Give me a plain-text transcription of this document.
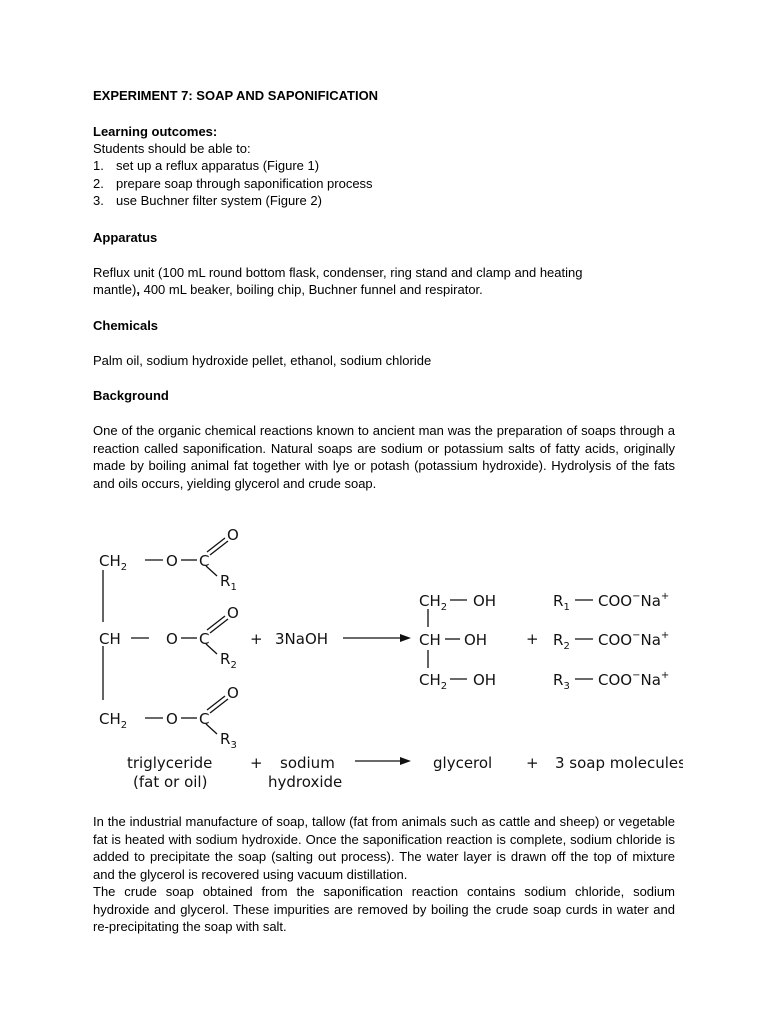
EXPERIMENT 7: SOAP AND SAPONIFICATION
Learning outcomes:
Students should be able to:
1. set up a reflux apparatus (Figure 1)
2. prepare soap through saponification process
3. use Buchner filter system (Figure 2)
Apparatus
Reflux unit (100 mL round bottom flask, condenser, ring stand and clamp and heating
mantle), 400 mL beaker, boiling chip, Buchner funnel and respirator.
Chemicals
Palm oil, sodium hydroxide pellet, ethanol, sodium chloride
Background
One of the organic chemical reactions known to ancient man was the preparation of soaps through a reaction called saponification. Natural soaps are sodium or potassium salts of fatty acids, originally made by boiling animal fat together with lye or potash (potassium hydroxide). Hydrolysis of the fats and oils occurs, yielding glycerol and crude soap.
In the industrial manufacture of soap, tallow (fat from animals such as cattle and sheep) or vegetable fat is heated with sodium hydroxide. Once the saponification reaction is complete, sodium chloride is added to precipitate the soap (salting out process). The water layer is drawn off the top of mixture and the glycerol is recovered using vacuum distillation.
The crude soap obtained from the saponification reaction contains sodium chloride, sodium hydroxide and glycerol. These impurities are removed by boiling the crude soap curds in water and re-precipitating the soap with salt.
$CH_2$	O C
O
$R_1$
CH	O C
O
$R_2$
$CH_2$	O C
O
$R_3$
+ 3NaOH
$CH_2$ OH
CH OH
$CH_2$ OH
+
$R_1$ COO−Na+
$R_2$ COO−Na+
$R_3$ COO−Na+
triglyceride
(fat or oil)
+ sodium
hydroxide
glycerol + 3 soap molecules
